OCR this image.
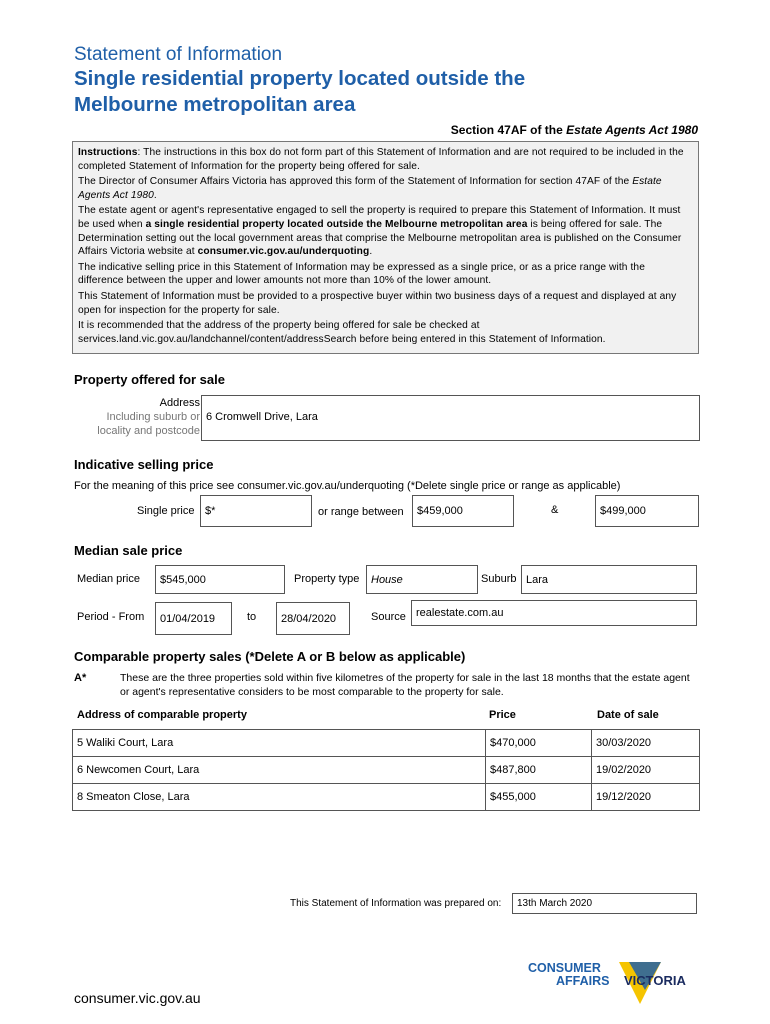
Statement of Information
Single residential property located outside the
Melbourne metropolitan area
Section 47AF of the Estate Agents Act 1980

Instructions: The instructions in this box do not form part of this Statement of Information and are not required to be included in the completed Statement of Information for the property being offered for sale.

The Director of Consumer Affairs Victoria has approved this form of the Statement of Information for section 47AF of the Estate Agents Act 1980.

The estate agent or agent's representative engaged to sell the property is required to prepare this Statement of Information. It must be used when a single residential property located outside the Melbourne metropolitan area is being offered for sale. The Determination setting out the local government areas that comprise the Melbourne metropolitan area is published on the Consumer Affairs Victoria website at consumer.vic.gov.au/underquoting.

The indicative selling price in this Statement of Information may be expressed as a single price, or as a price range with the difference between the upper and lower amounts not more than 10% of the lower amount.

This Statement of Information must be provided to a prospective buyer within two business days of a request and displayed at any open for inspection for the property for sale.

It is recommended that the address of the property being offered for sale be checked at services.land.vic.gov.au/landchannel/content/addressSearch before being entered in this Statement of Information.

Property offered for sale
Address
Including suburb or
locality and postcode
6 Cromwell Drive, Lara
Indicative selling price
For the meaning of this price see consumer.vic.gov.au/underquoting (*Delete single price or range as applicable)
Single price $*	or range between	$459,000	&	$499,000
Median sale price
Median price	$545,000	Property type	House	Suburb Lara
Period - From	01/04/2019	to	28/04/2020	Source realestate.com.au
Comparable property sales (*Delete A or B below as applicable)
A*	These are the three properties sold within five kilometres of the property for sale in the last 18 months that the estate agent or agent's representative considers to be most comparable to the property for sale.
Address of comparable property	Price	Date of sale
5 Waliki Court, Lara	$470,000	30/03/2020
6 Newcomen Court, Lara	$487,800	19/02/2020
8 Smeaton Close, Lara	$455,000	19/12/2020
This Statement of Information was prepared on:	13th March 2020
CONSUMER
AFFAIRS VICTORIA
consumer.vic.gov.au
